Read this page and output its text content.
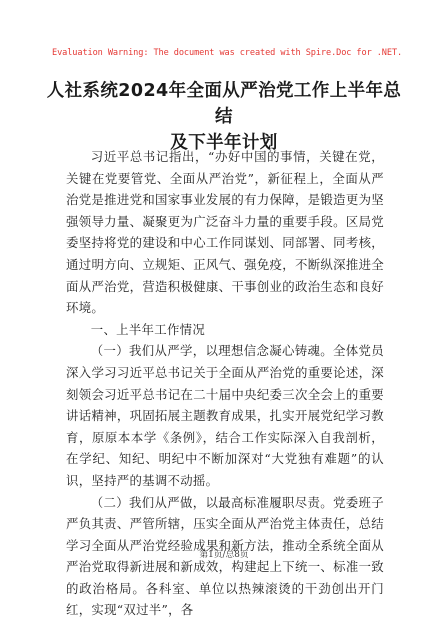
Evaluation Warning: The document was created with Spire.Doc for .NET.
人社系统2024年全面从严治党工作上半年总结
及下半年计划

习近平总书记指出，“办好中国的事情，关键在党，关键在党要管党、全面从严治党”，新征程上，全面从严治党是推进党和国家事业发展的有力保障，是锻造更为坚强领导力量、凝聚更为广泛奋斗力量的重要手段。区局党委坚持将党的建设和中心工作同谋划、同部署、同考核，通过明方向、立规矩、正风气、强免疫，不断纵深推进全面从严治党，营造积极健康、干事创业的政治生态和良好环境。

一、上半年工作情况

（一）我们从严学，以理想信念凝心铸魂。全体党员深入学习习近平总书记关于全面从严治党的重要论述，深刻领会习近平总书记在二十届中央纪委三次全会上的重要讲话精神，巩固拓展主题教育成果，扎实开展党纪学习教育，原原本本学《条例》，结合工作实际深入自我剖析，在学纪、知纪、明纪中不断加深对“大党独有难题”的认识，坚持严的基调不动摇。

（二）我们从严做，以最高标准履职尽责。党委班子严负其责、严管所辖，压实全面从严治党主体责任，总结学习全面从严治党经验成果和新方法，推动全系统全面从严治党取得新进展和新成效，构建起上下统一、标准一致的政治格局。各科室、单位以热辣滚烫的干劲创出开门红，实现“双过半”，各

第1页/总8页
